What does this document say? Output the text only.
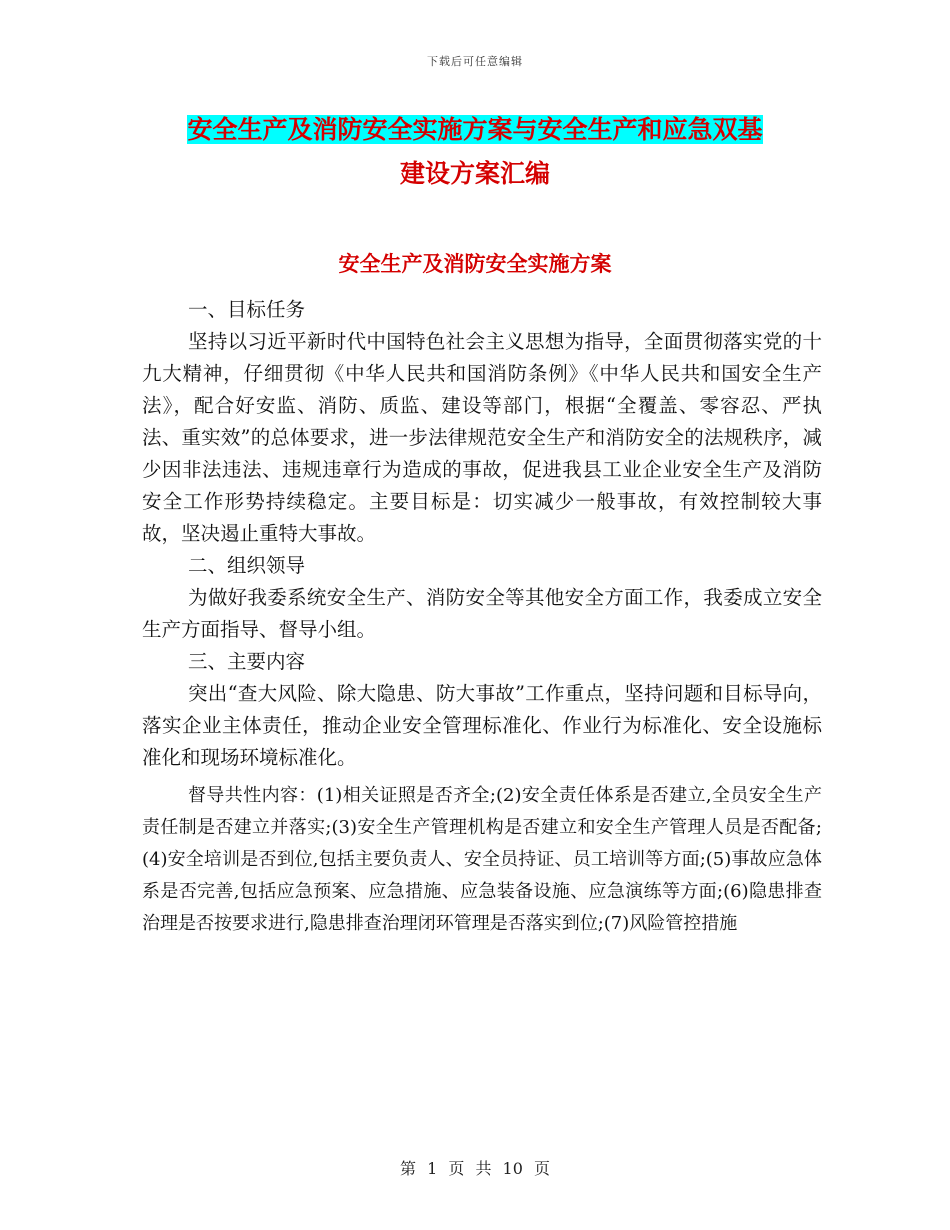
下载后可任意编辑
安全生产及消防安全实施方案与安全生产和应急双基
建设方案汇编
安全生产及消防安全实施方案

一、目标任务

坚持以习近平新时代中国特色社会主义思想为指导，全面贯彻落实党的十九大精神，仔细贯彻《中华人民共和国消防条例》《中华人民共和国安全生产法》，配合好安监、消防、质监、建设等部门，根据“全覆盖、零容忍、严执法、重实效”的总体要求，进一步法律规范安全生产和消防安全的法规秩序，减少因非法违法、违规违章行为造成的事故，促进我县工业企业安全生产及消防安全工作形势持续稳定。主要目标是：切实减少一般事故，有效控制较大事故，坚决遏止重特大事故。

二、组织领导

为做好我委系统安全生产、消防安全等其他安全方面工作，我委成立安全生产方面指导、督导小组。

三、主要内容

突出“查大风险、除大隐患、防大事故”工作重点，坚持问题和目标导向，落实企业主体责任，推动企业安全管理标准化、作业行为标准化、安全设施标准化和现场环境标准化。

督导共性内容：(1)相关证照是否齐全;(2)安全责任体系是否建立,全员安全生产责任制是否建立并落实;(3)安全生产管理机构是否建立和安全生产管理人员是否配备;(4)安全培训是否到位,包括主要负责人、安全员持证、员工培训等方面;(5)事故应急体系是否完善,包括应急预案、应急措施、应急装备设施、应急演练等方面;(6)隐患排查治理是否按要求进行,隐患排查治理闭环管理是否落实到位;(7)风险管控措施

第 1 页 共 10 页
